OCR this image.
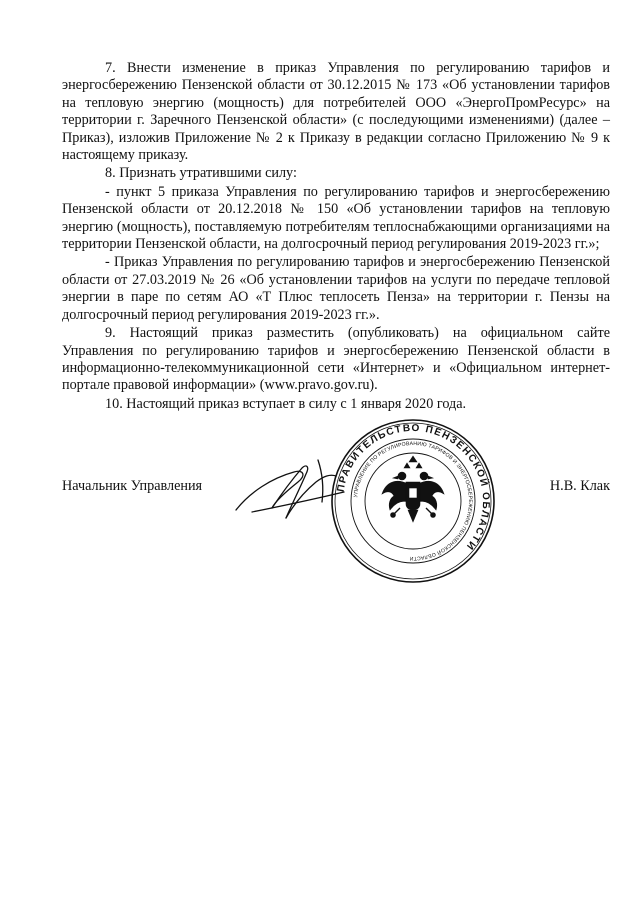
7. Внести изменение в приказ Управления по регулированию тарифов и энергосбережению Пензенской области от 30.12.2015 № 173 «Об установлении тарифов на тепловую энергию (мощность) для потребителей ООО «ЭнергоПромРесурс» на территории г. Заречного Пензенской области» (с последующими изменениями) (далее – Приказ), изложив Приложение № 2 к Приказу в редакции согласно Приложению № 9 к настоящему приказу.

8. Признать утратившими силу:

- пункт 5 приказа Управления по регулированию тарифов и энергосбережению Пензенской области от 20.12.2018 № 150 «Об установлении тарифов на тепловую энергию (мощность), поставляемую потребителям теплоснабжающими организациями на территории Пензенской области, на долгосрочный период регулирования 2019-2023 гг.»;

- Приказ Управления по регулированию тарифов и энергосбережению Пензенской области от 27.03.2019 № 26 «Об установлении тарифов на услуги по передаче тепловой энергии в паре по сетям АО «Т Плюс теплосеть Пенза» на территории г. Пензы на долгосрочный период регулирования 2019-2023 гг.».

9. Настоящий приказ разместить (опубликовать) на официальном сайте Управления по регулированию тарифов и энергосбережению Пензенской области в информационно-телекоммуникационной сети «Интернет» и «Официальном интернет-портале правовой информации» (www.pravo.gov.ru).

10. Настоящий приказ вступает в силу с 1 января 2020 года.

Начальник Управления	Н.В. Клак
ПРАВИТЕЛЬСТВО ПЕНЗЕНСКОЙ ОБЛАСТИ
УПРАВЛЕНИЕ ПО РЕГУЛИРОВАНИЮ ТАРИФОВ И ЭНЕРГОСБЕРЕЖЕНИЮ ПЕНЗЕНСКОЙ ОБЛАСТИ
